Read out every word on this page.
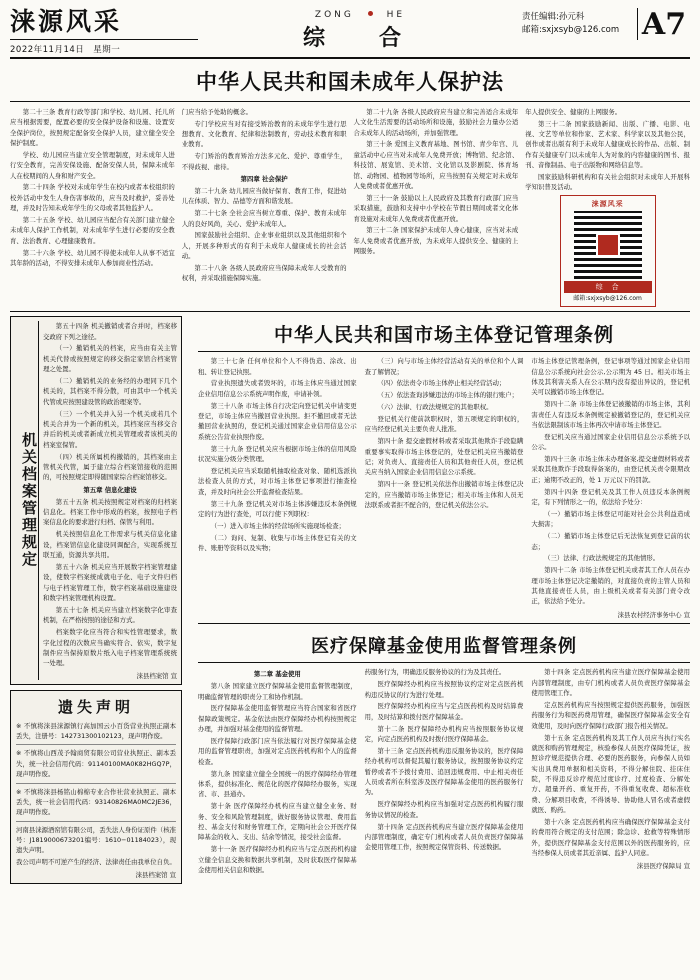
涞源风采
2022年11月14日　星期一
ZONG	HE
综　合
责任编辑:孙元科
邮箱:sxjxsyb@126.com A7
中华人民共和国未成年人保护法

第二十三条 教育行政等部门和学校、幼儿园、托儿所应当根据需要，配置必要的安全保护设备和设施、设置安全保护岗位，按照规定配备安全保护人员，建立健全安全保护制度。

学校、幼儿园应当建立安全管理制度，对未成年人进行安全教育，完善安保设施、配备安保人员，保障未成年人在校期间的人身和财产安全。

第二十四条 学校对未成年学生在校内或者本校组织的校外活动中发生人身伤害事故的，应当及时救护，妥善处理，并及时告知未成年学生的父母或者其他监护人。

第二十五条 学校、幼儿园应当配合有关部门建立健全未成年人保护工作机制，对未成年学生进行必要的安全教育、法治教育、心理健康教育。

第二十六条 学校、幼儿园不得使未成年人从事不适宜其年龄的活动，不得安排未成年人参加商业性活动。

门应当给予处助的概念。

专门学校应当对有接受矫治教育的未成年学生进行思想教育、文化教育、纪律和法制教育，劳动技术教育和职业教育。

专门矫治的教育矫治方法多元化、爱护、尊重学生，不得歧视、虐待。

第四章 社会保护

第二十九条 幼儿园应当做好保育、教育工作，促进幼儿在体质、智力、品德等方面和谐发展。

第二十七条 全社会应当树立尊重、保护、教育未成年人的良好风尚，关心、爱护未成年人。

国家鼓励社会组织、企业事业组织以及其他组织和个人，开展多种形式的有利于未成年人健康成长的社会活动。

第二十八条 各级人民政府应当保障未成年人受教育的权利，并采取措施保障实施。

第二十九条 各级人民政府应当建立和完善适合未成年人文化生活需要的活动场所和设施，鼓励社会力量办公适合未成年人的活动场所，并加强管理。

第三十条 爱国主义教育基地、图书馆、青少年宫、儿童活动中心应当对未成年人免费开放；博物馆、纪念馆、科技馆、展览馆、美术馆、文化馆以及影剧院、体育场馆、动物园、植物园等场所，应当按照有关规定对未成年人免费或者优惠开放。

第三十一条 鼓励以上人民政府及其教育行政部门应当采取措施，鼓励和支持中小学校在节假日期间或者文化体育设施对未成年人免费或者优惠开放。

第三十二条 国家保护未成年人身心健康，应当对未成年人免费或者优惠开放，为未成年人提供安全、健康的上网服务。

年人提供安全、健康的上网服务。

第三十二条 国家鼓励新闻、出版、广播、电影、电视、文艺等单位和作家、艺术家、科学家以及其他公民，创作或者出版有利于未成年人健康成长的作品、出版、制作有关健康专门以未成年人为对象的内容健康的图书、报刊、音像制品、电子出版物和网络信息等。

国家鼓励科研机构和有关社会组织对未成年人开展科学知识普及活动。

涞源风采
综　合
邮箱:sxjxsyb@126.com
机关档案管理规定

第五十四条 机关撤销或者合并时，档案移交政府下列之途径。

（一）撤销机关的档案，应当由有关主管机关代替或按照规定的移交指定家馆合档案管理之处置。

（二）撤销机关的业务经的办理同下几个机关的，其档案不得分散，可由其中一个机关代管或应按照建设管的政治理案等。

（三）一个机关并入另一个机关或若几个机关合并为一个新的机关，其档案应当移交合并后的机关或者新成立机关管理或者该机关的档案室保管。

（四）机关所属机构撤销的，其档案由主管机关代管，属于建立综合档案馆接收的范围的，可按照规定即得随国家综合档案馆移交。

第五章 信息化建设

第五十五条 机关按照规定对档案的归档案信息化。档案工作中形成的档案，按照电子档案信息化的要求进行归档、保管与利用。

机关按照信息化工作需求与机关信息化建设，档案馆信息化建设同调配合，实现系统互联互通，资源共享共用。

第五十六条 机关应当开展数字档案管理建设，使数字档案统成就电子化、电子文件归档与电子档案管理工作，数字档案基础设施建设和数字档案管理机构设置。

第五十七条 机关应当建立档案数字化审查机制，在严格按照的途径和方式。

档案数字化应当符合和实性管理要求，数字化过程的次数应当确实符合、依实，数字复制件应当保持原数片纸入电子档案管理系统统一处理。

涞县档案馆 宣
遗失声明

※ 不慎将涞县涞源镇行高加国云小百货营业执照正副本丢失，注册号：142731300102123，现声明作废。

※ 不慎将山西茂予翰商贸有限公司营业执照正、副本丢失，统一社会信用代码：91140100MA0K82HGQ7P，现声明作废。

※ 不慎将涞县杨铭山棉棉专业合作社营业执照正、副本丢失，统一社会信用代码：93140826MA0MC2JE36，现声明作废。

河南县涞源酒窑馆有限公司，丢失法人身份证原件（核准号：J1819000673201编号：1610−01184023），现遗失声明。

我公司声明不可逆产生的经济、法律责任由我单位自负。

涞县档案馆 宣
中华人民共和国市场主体登记管理条例

第三十七条 任何单位和个人不得伪造、涂改、出租、转让登记执照。

营业执照遗失或者毁坏的，市场主体应当通过国家企业信用信息公示系统声明作废，申请补领。

第三十八条 市场主体自行决定向登记机关申请变更登记，市场主体应当撤回营业执照。拒不撤回或者无法撤回营业执照的，登记机关通过国家企业信用信息公示系统公告营业执照作废。

第三十九条 登记机关应当根据市场主体的信用风险状况实施分级分类管理。

登记机关应当采取随机抽取检查对象、随机选派执法检查人员的方式，对市场主体登记事项进行抽查检查，并及时向社会公开监督检查结果。

第三十九条 登记机关对市场主体涉嫌违反本条例规定的行为进行查处，可以行使下列职权：

（一）进入市场主体的经营场所实施现场检查；

（二）询问、复制、收集与市场主体登记有关的文件、账册等资料以及实物；

（三）向与市场主体经营活动有关的单位和个人调查了解情况；

（四）依法责令市场主体停止相关经营活动；

（五）依法查询涉嫌违法的市场主体的银行账户；

（六）法律、行政法规规定的其他职权。

登记机关行使前款职权时，第五项规定的职权的，应当经登记机关主要负责人批准。

第四十条 提交虚假材料或者采取其他欺诈手段隐瞒重要事实取得市场主体登记的，处登记机关应当撤销登记；对负责人、直接责任人员和其他责任人员，登记机关应当纳入国家企业信用信息公示系统。

第四十一条 登记机关依法作出撤销市场主体登记决定的，应当撤销市场主体登记；相关市场主体和人员无法联系或者拒不配合的，登记机关依法公示。

市场主体登记管理条例，登记事项等通过国家企业信用信息公示系统向社会公示,公示期为 45 日。相关市场主体及其利害关系人在公示期内没有提出异议的，登记机关可以撤销市场主体登记。

第四十二条 市场主体登记被撤销的市场主体，其利害责任人有违反本条例规定被撤销登记的，登记机关应当依法限制该市场主体再次申请市场主体登记。

登记机关应当通过国家企业信用信息公示系统予以公示。

第四十三条 市场主体未办理备案,提交虚假材料或者采取其他欺诈手段取得备案的，由登记机关责令限期改正；逾期不改正的，处 1 万元以下的罚款。

第四十四条 登记机关及其工作人员违反本条例规定，有下列情形之一的，依法给予处分：

（一）撤销市场主体登记可能对社会公共利益造成大损害；

（二）撤销市场主体登记后无法恢复到登记前的状态；

（三）法律、行政法规规定的其他情形。

第四十二条 市场主体登记机关或者其工作人员在办理市场主体登记决定撤销的，对直接负责的主管人员和其他直接责任人员，由上级机关或者有关部门责令改正，依法给予处分。

涞县农村经济事务中心 宣
医疗保障基金使用监督管理条例
第二章 基金使用

第八条 国家建立医疗保障基金使用监督管理制度，明确监督管理的职责分工和协作机制。

医疗保障基金使用监督管理应当符合国家和省医疗保障政策规定。基金依法由医疗保障经办机构按照规定办理，并加强对基金使用的监督管理。

医疗保障行政部门应当依法履行对医疗保障基金使用的监督管理职责，加强对定点医药机构和个人的监督检查。

第九条 国家建立健全全国统一的医疗保障经办管理体系，提供标准化、规范化的医疗保障经办服务，实现省、市、县通办。

第十条 医疗保障经办机构应当建立健全业务、财务、安全和风险管理制度，做好服务协议管理、费用监控、基金支付和财务管理工作，定期向社会公开医疗保障基金的收入、支出、结余等情况，接受社会监督。

第十一条 医疗保障经办机构应当与定点医药机构建立健全信息交换和数据共享机制，及时获取医疗保障基金使用相关信息和数据。

药服务行为，明确违反服务协议的行为及其责任。

医疗保障经办机构应当按照协议约定对定点医药机构违反协议的行为进行处理。

医疗保障经办机构应当与定点医药机构及时结算费用，及时结算和拨付医疗保障基金。

第十二条 医疗保障经办机构应当按照服务协议规定，向定点医药机构及时拨付医疗保障基金。

第十三条 定点医药机构违反服务协议的，医疗保障经办机构可以督促其履行服务协议，按照服务协议约定暂停或者不予拨付费用、追回违规费用、中止相关责任人员或者所在科室涉及医疗保障基金使用的医药服务行为。

医疗保障经办机构应当加强对定点医药机构履行服务协议情况的检查。

第十四条 定点医药机构应当建立医疗保障基金使用内部管理制度，确定专门机构或者人员负责医疗保障基金使用管理工作，按照规定保管资料、传送数据。

第十四条 定点医药机构应当建立医疗保障基金使用内部管理制度，由专门机构或者人员负责医疗保障基金使用管理工作。

定点医药机构应当按照规定提供医药服务，加强医药服务行为和医药费用管理，确保医疗保障基金安全有效使用，及时向医疗保障行政部门报告相关情况。

第十五条 定点医药机构及其工作人员应当执行实名就医和购药管理规定，核验参保人员医疗保障凭证，按照诊疗规范提供合理、必要的医药服务，向参保人员如实出具费用单据和相关资料，不得分解住院、挂床住院，不得违反诊疗规范过度诊疗、过度检查、分解处方、超量开药、重复开药，不得重复收费、超标准收费、分解项目收费，不得诱导、协助他人冒名或者虚假就医、购药。

第十六条 定点医药机构应当确保医疗保障基金支付的费用符合规定的支付范围；除急诊、抢救等特殊情形外，提供医疗保障基金支付范围以外的医药服务的，应当经参保人员或者其近亲属、监护人同意。

涞县医疗保障局 宣
